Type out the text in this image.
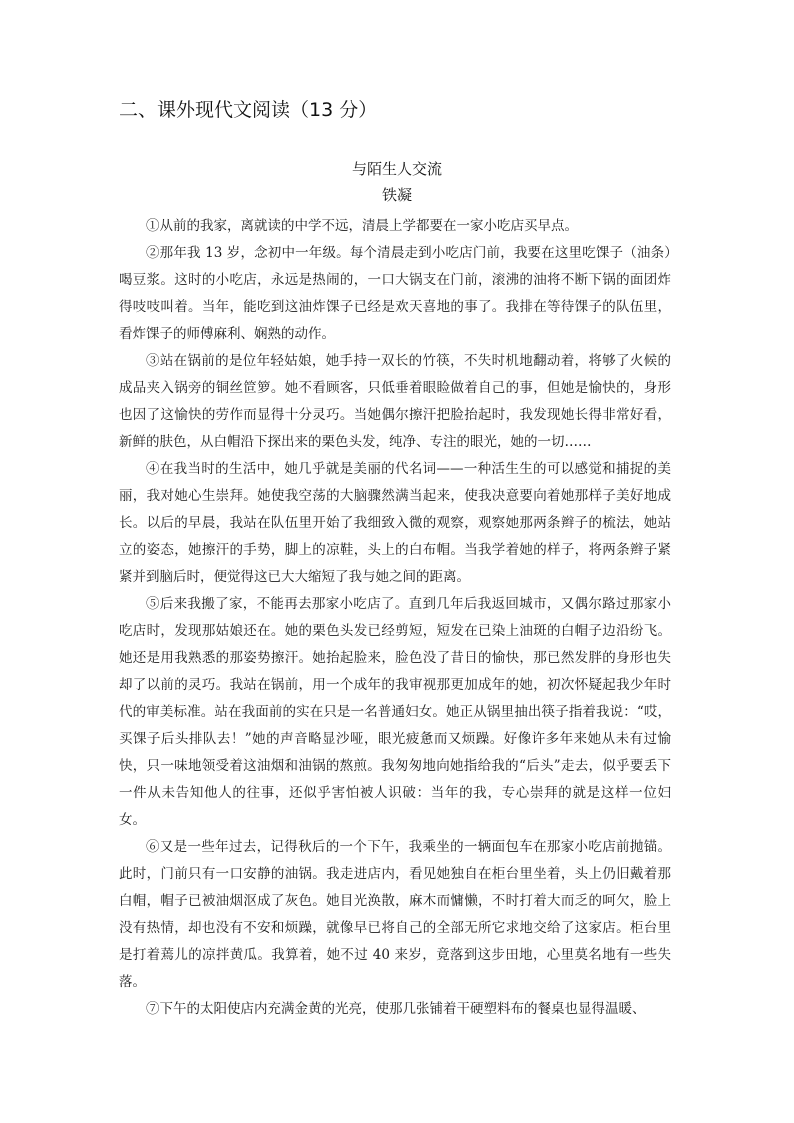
二、课外现代文阅读（13 分）
与陌生人交流
铁凝

①从前的我家，离就读的中学不远，清晨上学都要在一家小吃店买早点。

②那年我 13 岁，念初中一年级。每个清晨走到小吃店门前，我要在这里吃馃子（油条）喝豆浆。这时的小吃店，永远是热闹的，一口大锅支在门前，滚沸的油将不断下锅的面团炸得吱吱叫着。当年，能吃到这油炸馃子已经是欢天喜地的事了。我排在等待馃子的队伍里，看炸馃子的师傅麻利、娴熟的动作。

③站在锅前的是位年轻姑娘，她手持一双长的竹筷，不失时机地翻动着，将够了火候的成品夹入锅旁的铜丝笸箩。她不看顾客，只低垂着眼睑做着自己的事，但她是愉快的，身形也因了这愉快的劳作而显得十分灵巧。当她偶尔擦汗把脸抬起时，我发现她长得非常好看，新鲜的肤色，从白帽沿下探出来的栗色头发，纯净、专注的眼光，她的一切……

④在我当时的生活中，她几乎就是美丽的代名词——一种活生生的可以感觉和捕捉的美丽，我对她心生崇拜。她使我空荡的大脑骤然满当起来，使我决意要向着她那样子美好地成长。以后的早晨，我站在队伍里开始了我细致入微的观察，观察她那两条辫子的梳法，她站立的姿态，她擦汗的手势，脚上的凉鞋，头上的白布帽。当我学着她的样子，将两条辫子紧紧并到脑后时，便觉得这已大大缩短了我与她之间的距离。

⑤后来我搬了家，不能再去那家小吃店了。直到几年后我返回城市，又偶尔路过那家小吃店时，发现那姑娘还在。她的栗色头发已经剪短，短发在已染上油斑的白帽子边沿纷飞。她还是用我熟悉的那姿势擦汗。她抬起脸来，脸色没了昔日的愉快，那已然发胖的身形也失却了以前的灵巧。我站在锅前，用一个成年的我审视那更加成年的她，初次怀疑起我少年时代的审美标准。站在我面前的实在只是一名普通妇女。她正从锅里抽出筷子指着我说：“哎，买馃子后头排队去！”她的声音略显沙哑，眼光疲惫而又烦躁。好像许多年来她从未有过愉快，只一味地领受着这油烟和油锅的熬煎。我匆匆地向她指给我的“后头”走去，似乎要丢下一件从未告知他人的往事，还似乎害怕被人识破：当年的我，专心崇拜的就是这样一位妇女。

⑥又是一些年过去，记得秋后的一个下午，我乘坐的一辆面包车在那家小吃店前抛锚。此时，门前只有一口安静的油锅。我走进店内，看见她独自在柜台里坐着，头上仍旧戴着那白帽，帽子已被油烟沤成了灰色。她目光涣散，麻木而慵懒，不时打着大而乏的呵欠，脸上没有热情，却也没有不安和烦躁，就像早已将自己的全部无所它求地交给了这家店。柜台里是打着蔫儿的凉拌黄瓜。我算着，她不过 40 来岁，竟落到这步田地，心里莫名地有一些失落。

⑦下午的太阳使店内充满金黄的光亮，使那几张铺着干硬塑料布的餐桌也显得温暖、
